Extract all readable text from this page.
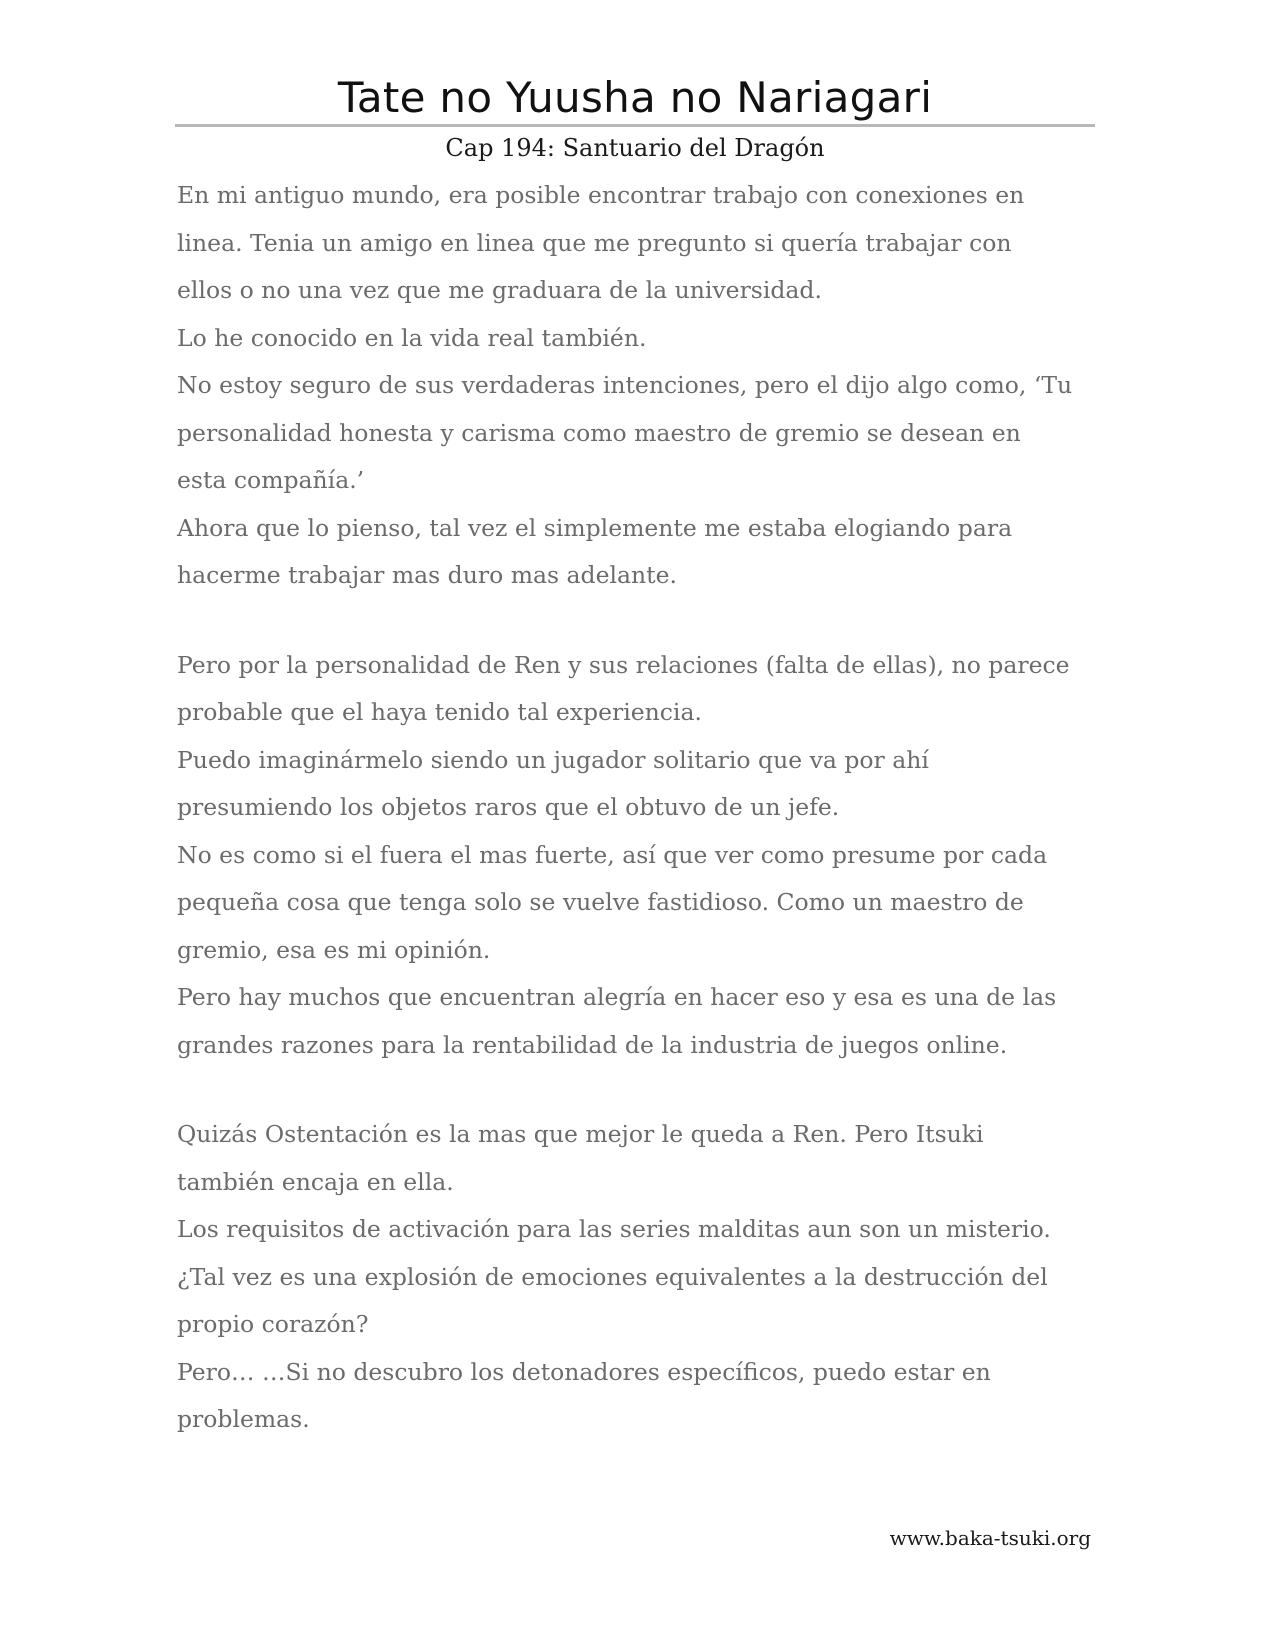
Tate no Yuusha no Nariagari
Cap 194: Santuario del Dragón

En mi antiguo mundo, era posible encontrar trabajo con conexiones en
linea. Tenia un amigo en linea que me pregunto si quería trabajar con
ellos o no una vez que me graduara de la universidad.

Lo he conocido en la vida real también.

No estoy seguro de sus verdaderas intenciones, pero el dijo algo como, ‘Tu
personalidad honesta y carisma como maestro de gremio se desean en
esta compañía.’

Ahora que lo pienso, tal vez el simplemente me estaba elogiando para
hacerme trabajar mas duro mas adelante.

Pero por la personalidad de Ren y sus relaciones (falta de ellas), no parece
probable que el haya tenido tal experiencia.

Puedo imaginármelo siendo un jugador solitario que va por ahí
presumiendo los objetos raros que el obtuvo de un jefe.

No es como si el fuera el mas fuerte, así que ver como presume por cada
pequeña cosa que tenga solo se vuelve fastidioso. Como un maestro de
gremio, esa es mi opinión.

Pero hay muchos que encuentran alegría en hacer eso y esa es una de las
grandes razones para la rentabilidad de la industria de juegos online.

Quizás Ostentación es la mas que mejor le queda a Ren. Pero Itsuki
también encaja en ella.

Los requisitos de activación para las series malditas aun son un misterio.

¿Tal vez es una explosión de emociones equivalentes a la destrucción del
propio corazón?

Pero… …Si no descubro los detonadores específicos, puedo estar en
problemas.

www.baka-tsuki.org
